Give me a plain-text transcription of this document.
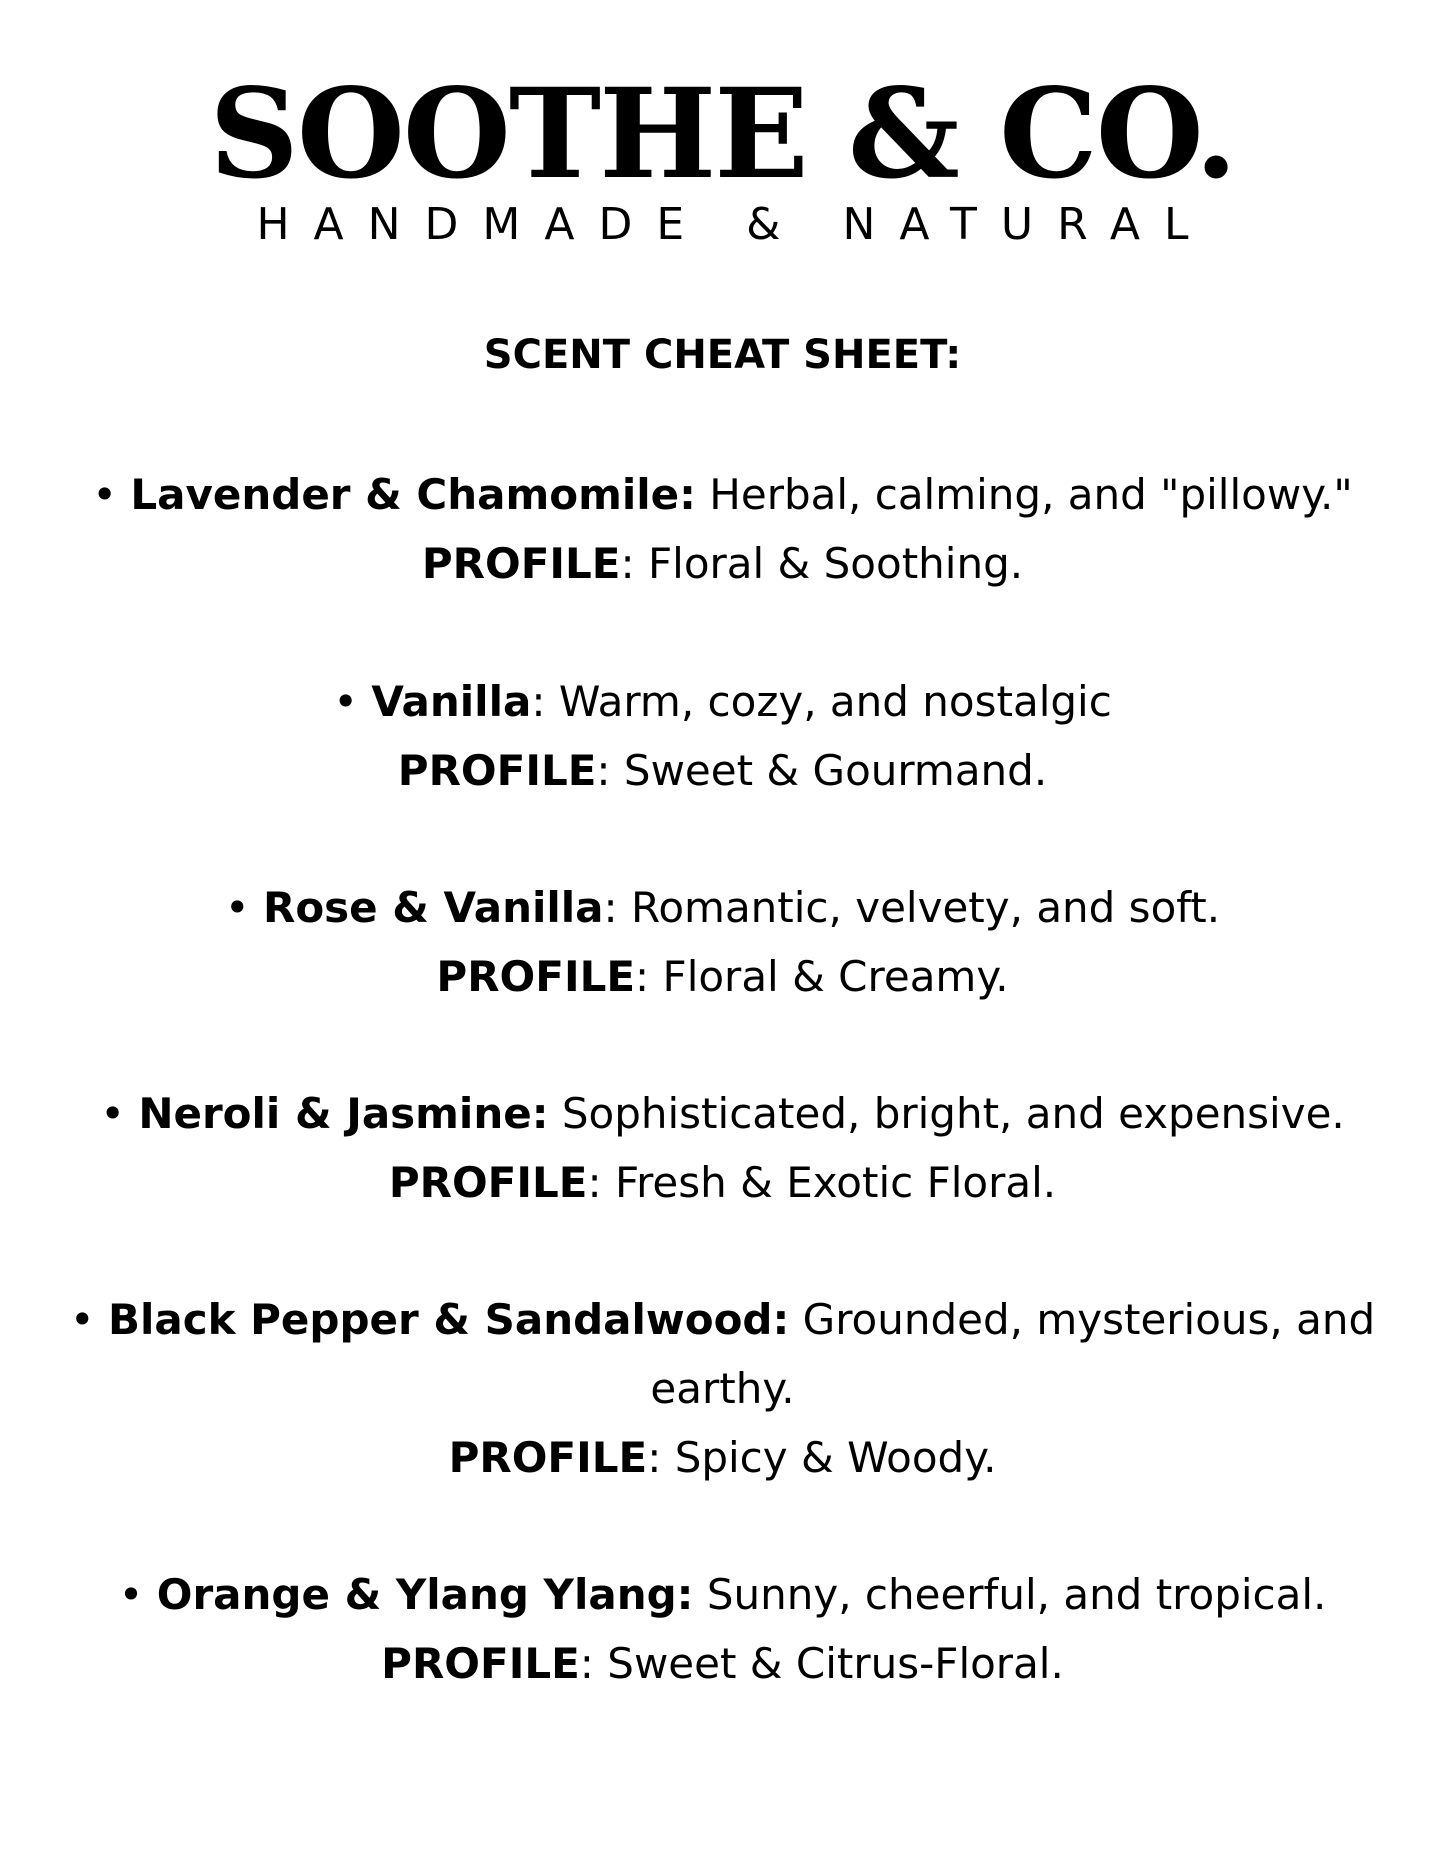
SOOTHE & CO.
HANDMADE & NATURAL
SCENT CHEAT SHEET:
• Lavender & Chamomile: Herbal, calming, and "pillowy."
PROFILE: Floral & Soothing.
• Vanilla: Warm, cozy, and nostalgic
PROFILE: Sweet & Gourmand.
• Rose & Vanilla: Romantic, velvety, and soft.
PROFILE: Floral & Creamy.
• Neroli & Jasmine: Sophisticated, bright, and expensive.
PROFILE: Fresh & Exotic Floral.
• Black Pepper & Sandalwood: Grounded, mysterious, and
earthy.
PROFILE: Spicy & Woody.
• Orange & Ylang Ylang: Sunny, cheerful, and tropical.
PROFILE: Sweet & Citrus-Floral.
